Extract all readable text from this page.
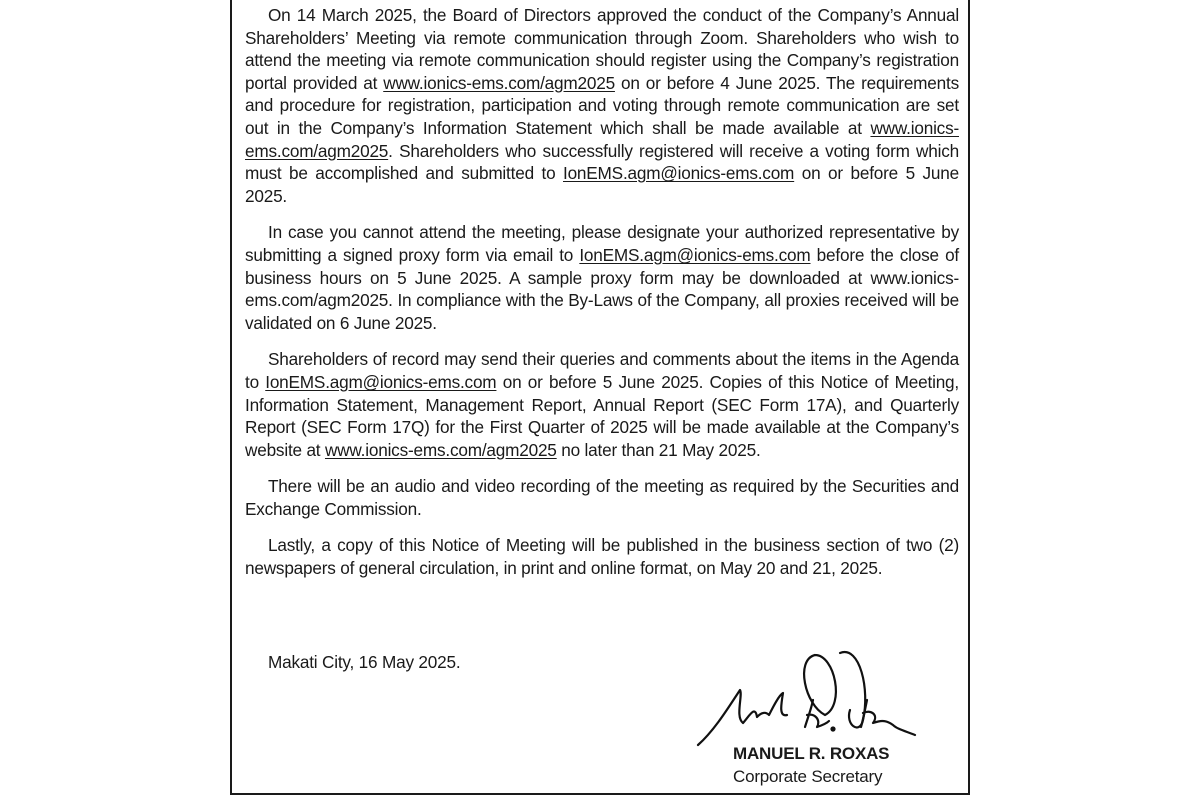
On 14 March 2025, the Board of Directors approved the conduct of the Company’s Annual Shareholders’ Meeting via remote communication through Zoom. Shareholders who wish to attend the meeting via remote communication should register using the Company’s registration portal provided at www.ionics-ems.com/agm2025 on or before 4 June 2025. The requirements and procedure for registration, participation and voting through remote communication are set out in the Company’s Information Statement which shall be made available at www.ionics-ems.com/agm2025. Shareholders who successfully registered will receive a voting form which must be accomplished and submitted to IonEMS.agm@ionics-ems.com on or before 5 June 2025.

In case you cannot attend the meeting, please designate your authorized representative by submitting a signed proxy form via email to IonEMS.agm@ionics-ems.com before the close of business hours on 5 June 2025. A sample proxy form may be downloaded at www.ionics-ems.com/agm2025. In compliance with the By-Laws of the Company, all proxies received will be validated on 6 June 2025.

Shareholders of record may send their queries and comments about the items in the Agenda to IonEMS.agm@ionics-ems.com on or before 5 June 2025. Copies of this Notice of Meeting, Information Statement, Management Report, Annual Report (SEC Form 17A), and Quarterly Report (SEC Form 17Q) for the First Quarter of 2025 will be made available at the Company’s website at www.ionics-ems.com/agm2025 no later than 21 May 2025.

There will be an audio and video recording of the meeting as required by the Securities and Exchange Commission.

Lastly, a copy of this Notice of Meeting will be published in the business section of two (2) newspapers of general circulation, in print and online format, on May 20 and 21, 2025.

Makati City, 16 May 2025.
MANUEL R. ROXAS
Corporate Secretary
